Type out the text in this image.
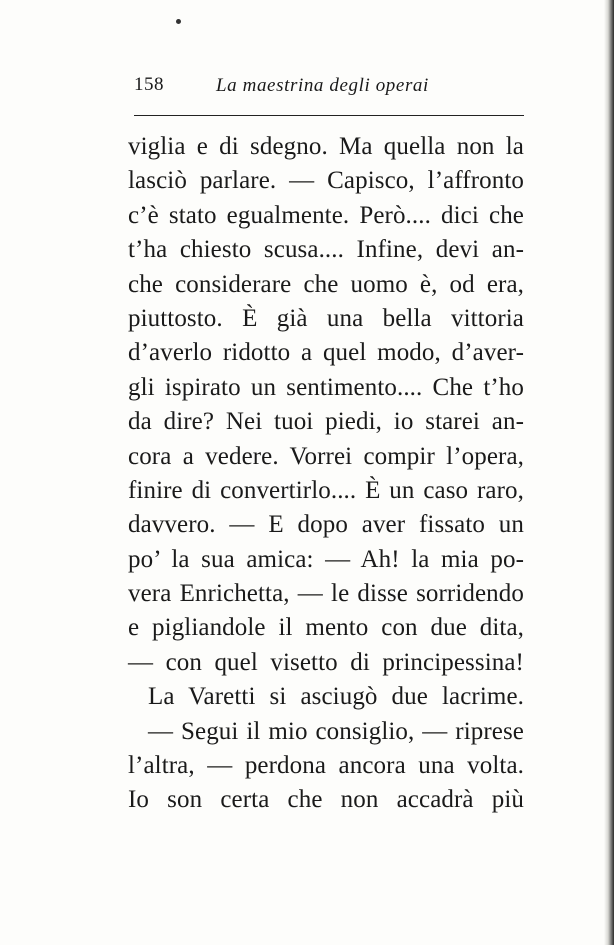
158	La maestrina degli operai
viglia e di sdegno. Ma quella non la
lasciò parlare. — Capisco, l’affronto
c’è stato egualmente. Però.... dici che
t’ha chiesto scusa.... Infine, devi an-
che considerare che uomo è, od era,
piuttosto. È già una bella vittoria
d’averlo ridotto a quel modo, d’aver-
gli ispirato un sentimento.... Che t’ho
da dire? Nei tuoi piedi, io starei an-
cora a vedere. Vorrei compir l’opera,
finire di convertirlo.... È un caso raro,
davvero. — E dopo aver fissato un
po’ la sua amica: — Ah! la mia po-
vera Enrichetta, — le disse sorridendo
e pigliandole il mento con due dita,
— con quel visetto di principessina!
La Varetti si asciugò due lacrime.
— Segui il mio consiglio, — riprese
l’altra, — perdona ancora una volta.
Io son certa che non accadrà più
